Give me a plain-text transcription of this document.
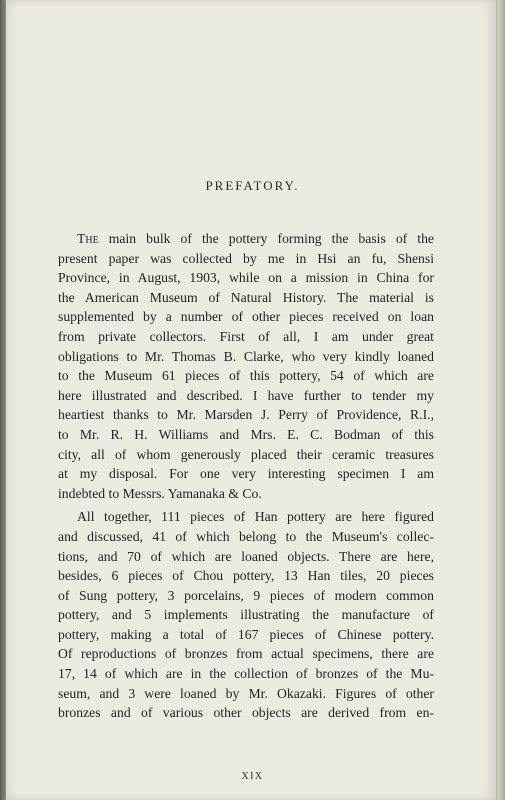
PREFATORY.
The main bulk of the pottery forming the basis of the
present paper was collected by me in Hsi an fu, Shensi
Province, in August, 1903, while on a mission in China for
the American Museum of Natural History. The material is
supplemented by a number of other pieces received on loan
from private collectors. First of all, I am under great
obligations to Mr. Thomas B. Clarke, who very kindly loaned
to the Museum 61 pieces of this pottery, 54 of which are
here illustrated and described. I have further to tender my
heartiest thanks to Mr. Marsden J. Perry of Providence, R.I.,
to Mr. R. H. Williams and Mrs. E. C. Bodman of this
city, all of whom generously placed their ceramic treasures
at my disposal. For one very interesting specimen I am
indebted to Messrs. Yamanaka & Co.
All together, 111 pieces of Han pottery are here figured
and discussed, 41 of which belong to the Museum's collec-
tions, and 70 of which are loaned objects. There are here,
besides, 6 pieces of Chou pottery, 13 Han tiles, 20 pieces
of Sung pottery, 3 porcelains, 9 pieces of modern common
pottery, and 5 implements illustrating the manufacture of
pottery, making a total of 167 pieces of Chinese pottery.
Of reproductions of bronzes from actual specimens, there are
17, 14 of which are in the collection of bronzes of the Mu-
seum, and 3 were loaned by Mr. Okazaki. Figures of other
bronzes and of various other objects are derived from en-
XIX
